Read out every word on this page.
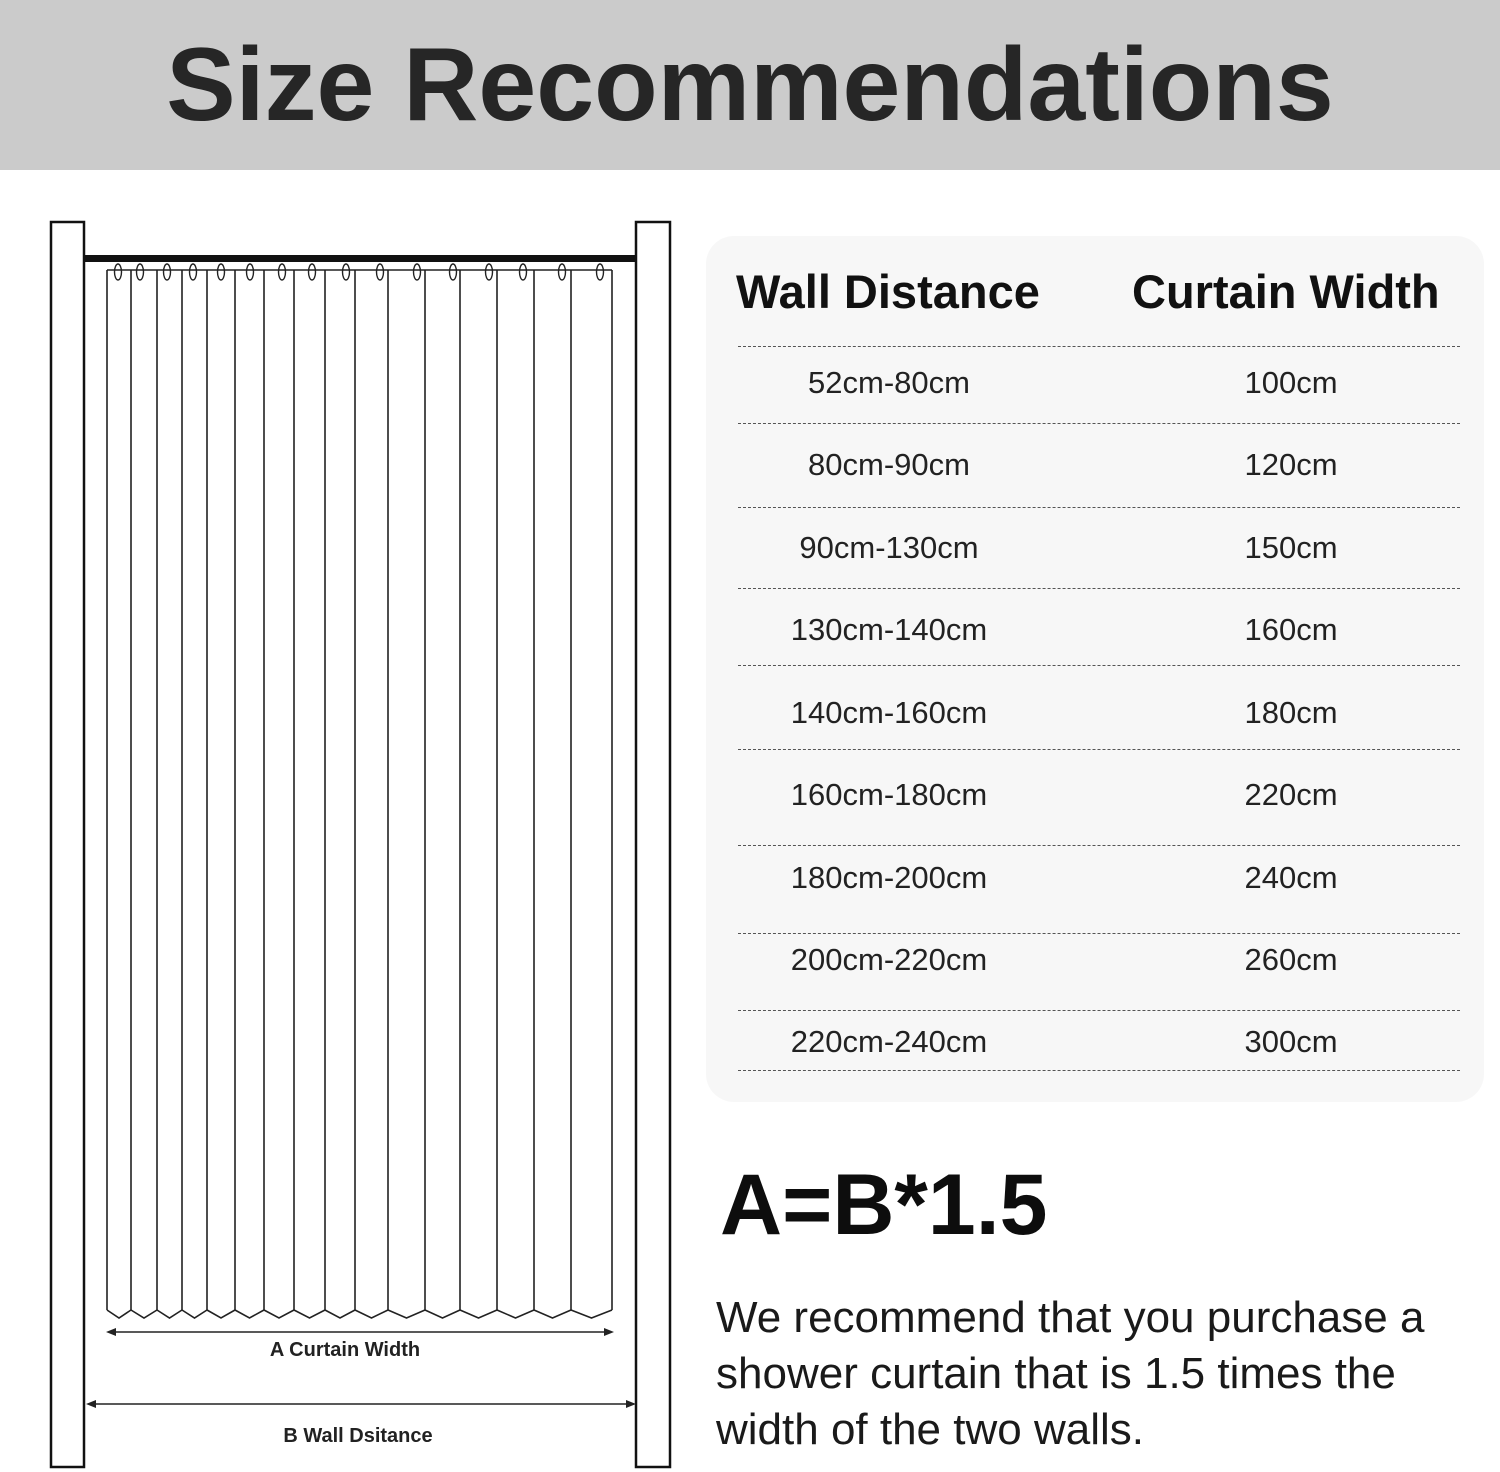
Size Recommendations
A Curtain Width
B Wall Dsitance
Wall Distance Curtain Width
52cm-80cm	100cm
80cm-90cm	120cm
90cm-130cm	150cm
130cm-140cm	160cm
140cm-160cm	180cm
160cm-180cm	220cm
180cm-200cm	240cm
200cm-220cm	260cm
220cm-240cm	300cm
A=B*1.5
We recommend that you purchase a shower curtain that is 1.5 times the width of the two walls.
